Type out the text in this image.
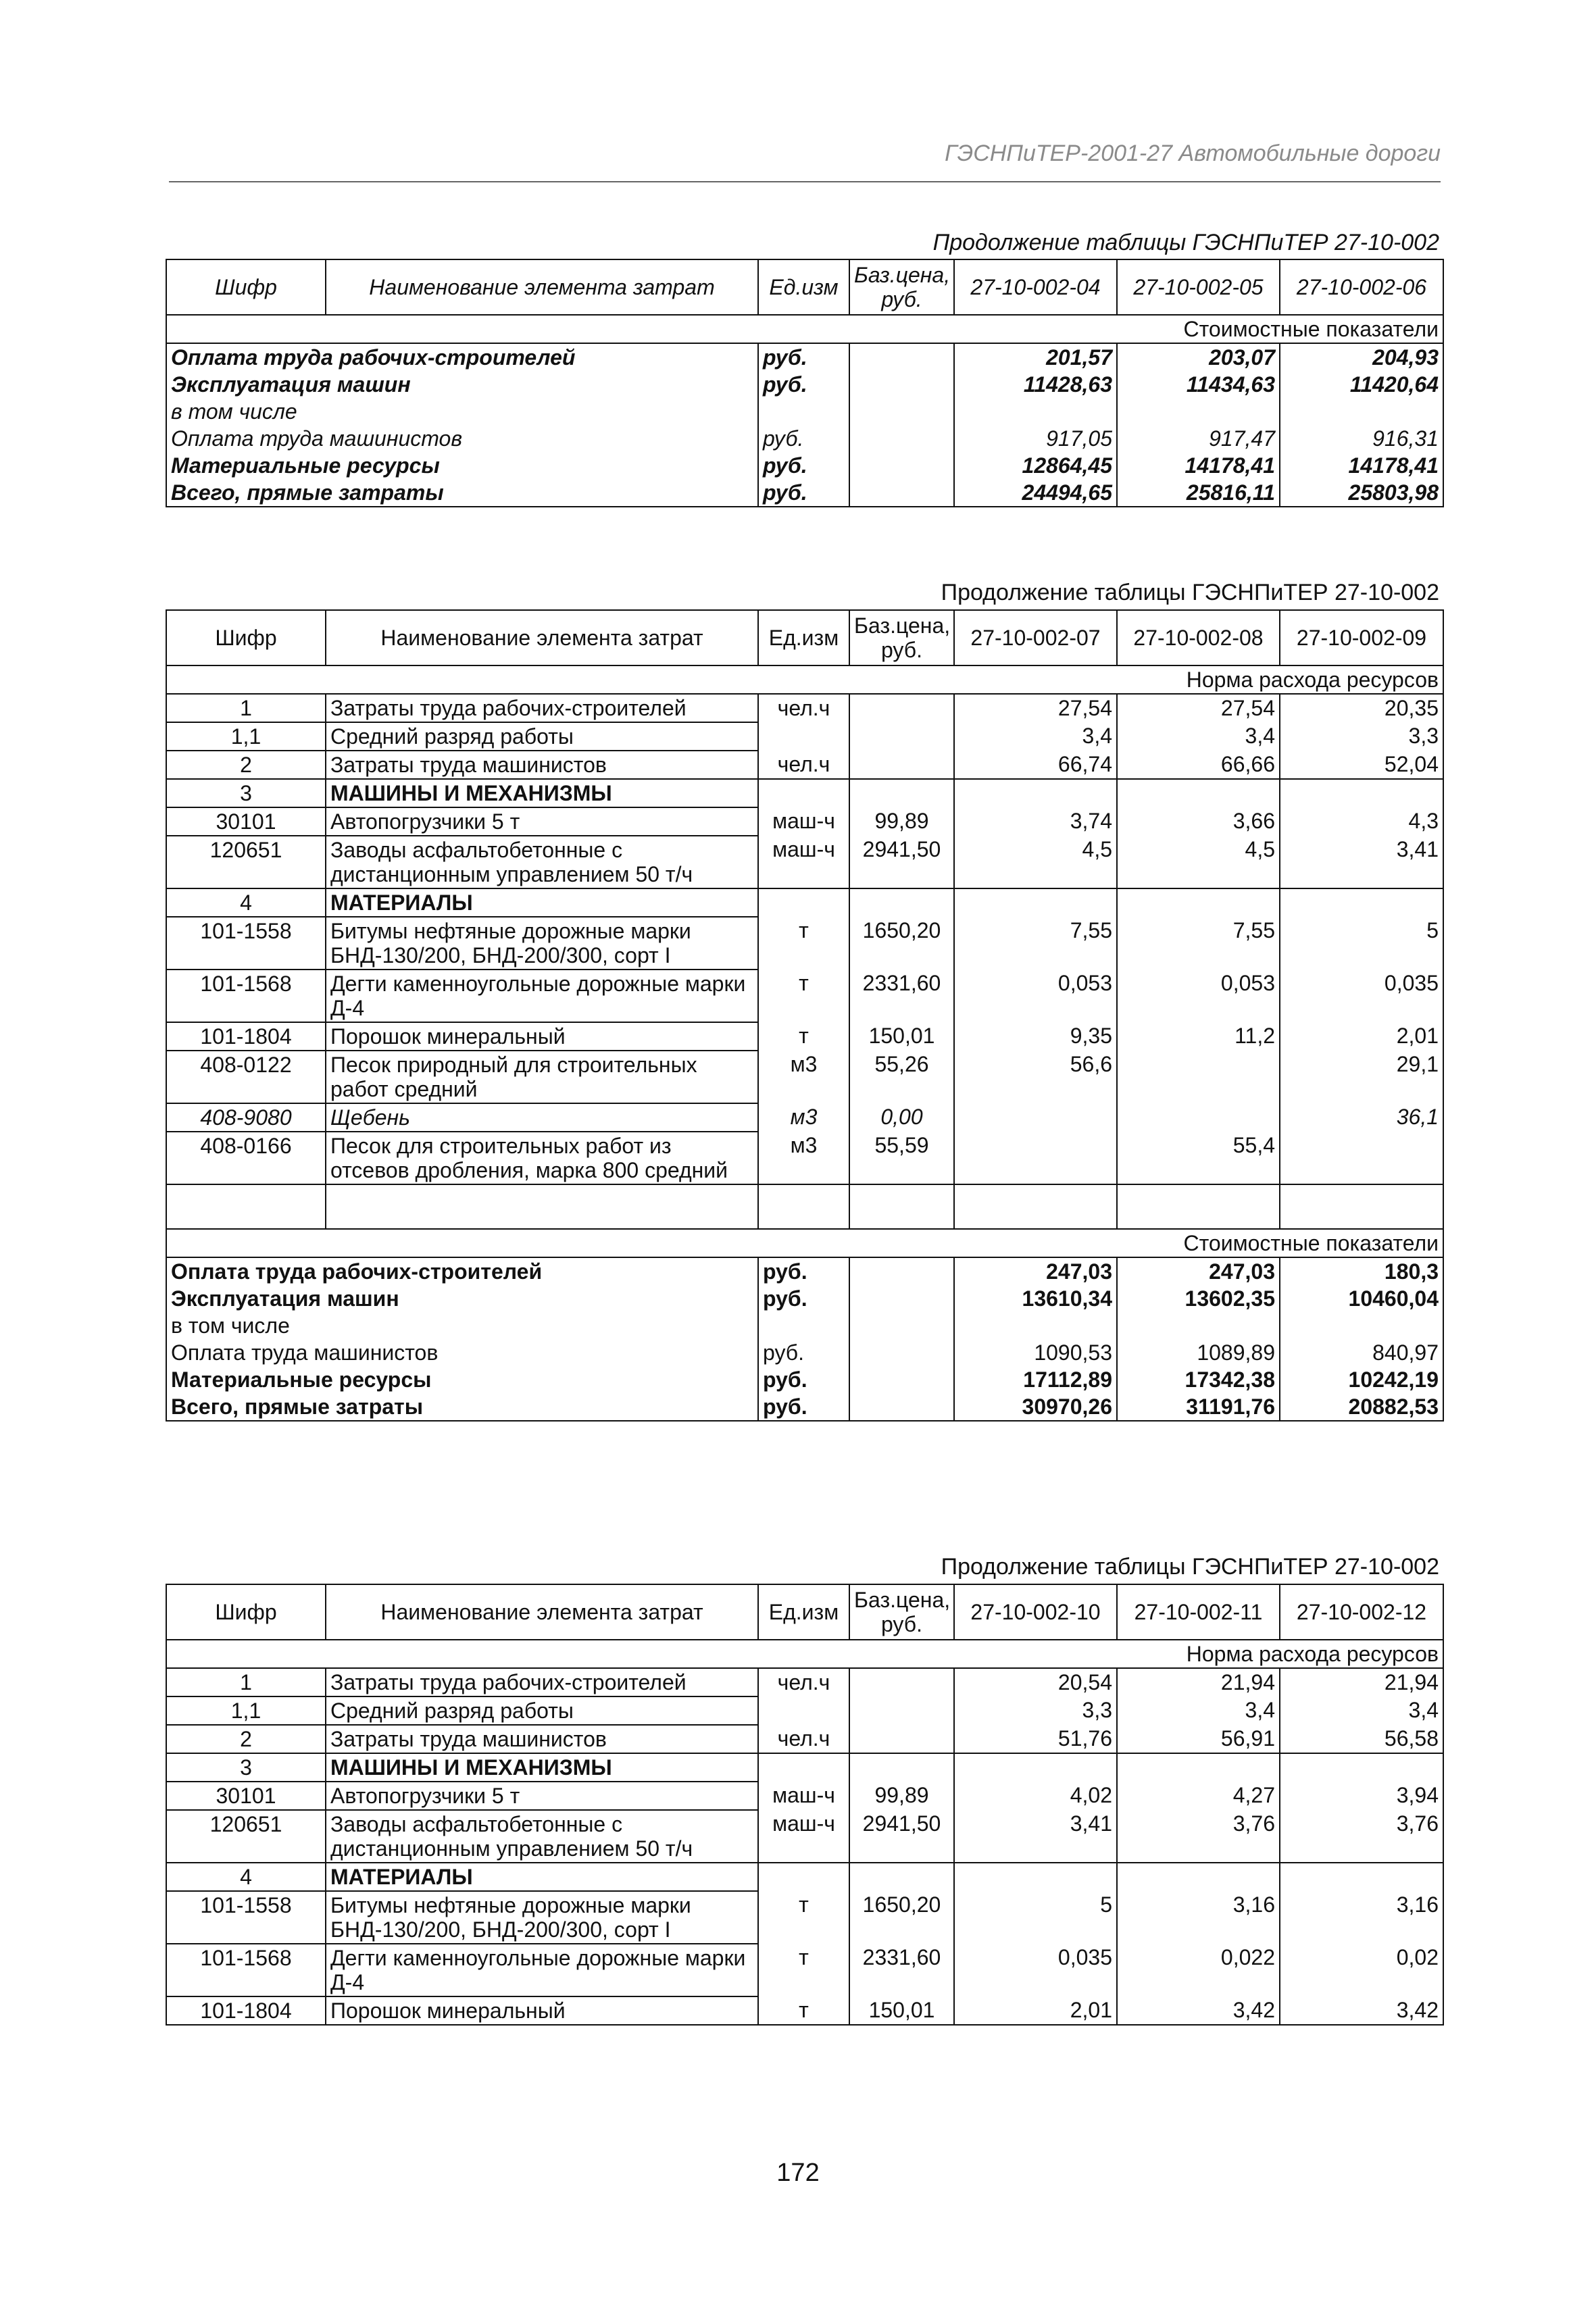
ГЭСНПиТЕР-2001-27 Автомобильные дороги
Продолжение таблицы ГЭСНПиТЕР 27-10-002
Шифр	Наименование элемента затрат	Ед.изм	Баз.цена, руб.	27-10-002-04	27-10-002-05	27-10-002-06
Стоимостные показатели						
Оплата труда рабочих-строителей		руб.		201,57	203,07	204,93
Эксплуатация машин		руб.		11428,63	11434,63	11420,64
в том числе						
Оплата труда машинистов		руб.		917,05	917,47	916,31
Материальные ресурсы		руб.		12864,45	14178,41	14178,41
Всего, прямые затраты		руб.		24494,65	25816,11	25803,98
Продолжение таблицы ГЭСНПиТЕР 27-10-002
Шифр	Наименование элемента затрат	Ед.изм	Баз.цена, руб.	27-10-002-07	27-10-002-08	27-10-002-09
Норма расхода ресурсов						
1	Затраты труда рабочих-строителей	чел.ч		27,54	27,54	20,35
1,1	Средний разряд работы			3,4	3,4	3,3
2	Затраты труда машинистов	чел.ч		66,74	66,66	52,04
3	МАШИНЫ И МЕХАНИЗМЫ					
30101	Автопогрузчики 5 т	маш-ч	99,89	3,74	3,66	4,3
120651	Заводы асфальтобетонные с дистанционным управлением 50 т/ч	маш-ч	2941,50	4,5	4,5	3,41
4	МАТЕРИАЛЫ					
101-1558	Битумы нефтяные дорожные марки БНД-130/200, БНД-200/300, сорт I	т	1650,20	7,55	7,55	5
101-1568	Дегти каменноугольные дорожные марки Д-4	т	2331,60	0,053	0,053	0,035
101-1804	Порошок минеральный	т	150,01	9,35	11,2	2,01
408-0122	Песок природный для строительных работ средний	м3	55,26	56,6		29,1
408-9080	Щебень	м3	0,00			36,1
408-0166	Песок для строительных работ из отсевов дробления, марка 800 средний	м3	55,59		55,4	

Стоимостные показатели						
Оплата труда рабочих-строителей		руб.		247,03	247,03	180,3
Эксплуатация машин		руб.		13610,34	13602,35	10460,04
в том числе						
Оплата труда машинистов		руб.		1090,53	1089,89	840,97
Материальные ресурсы		руб.		17112,89	17342,38	10242,19
Всего, прямые затраты		руб.		30970,26	31191,76	20882,53
Продолжение таблицы ГЭСНПиТЕР 27-10-002
Шифр	Наименование элемента затрат	Ед.изм	Баз.цена, руб.	27-10-002-10	27-10-002-11	27-10-002-12
Норма расхода ресурсов						
1	Затраты труда рабочих-строителей	чел.ч		20,54	21,94	21,94
1,1	Средний разряд работы			3,3	3,4	3,4
2	Затраты труда машинистов	чел.ч		51,76	56,91	56,58
3	МАШИНЫ И МЕХАНИЗМЫ					
30101	Автопогрузчики 5 т	маш-ч	99,89	4,02	4,27	3,94
120651	Заводы асфальтобетонные с дистанционным управлением 50 т/ч	маш-ч	2941,50	3,41	3,76	3,76
4	МАТЕРИАЛЫ					
101-1558	Битумы нефтяные дорожные марки БНД-130/200, БНД-200/300, сорт I	т	1650,20	5	3,16	3,16
101-1568	Дегти каменноугольные дорожные марки Д-4	т	2331,60	0,035	0,022	0,02
101-1804	Порошок минеральный	т	150,01	2,01	3,42	3,42
172
